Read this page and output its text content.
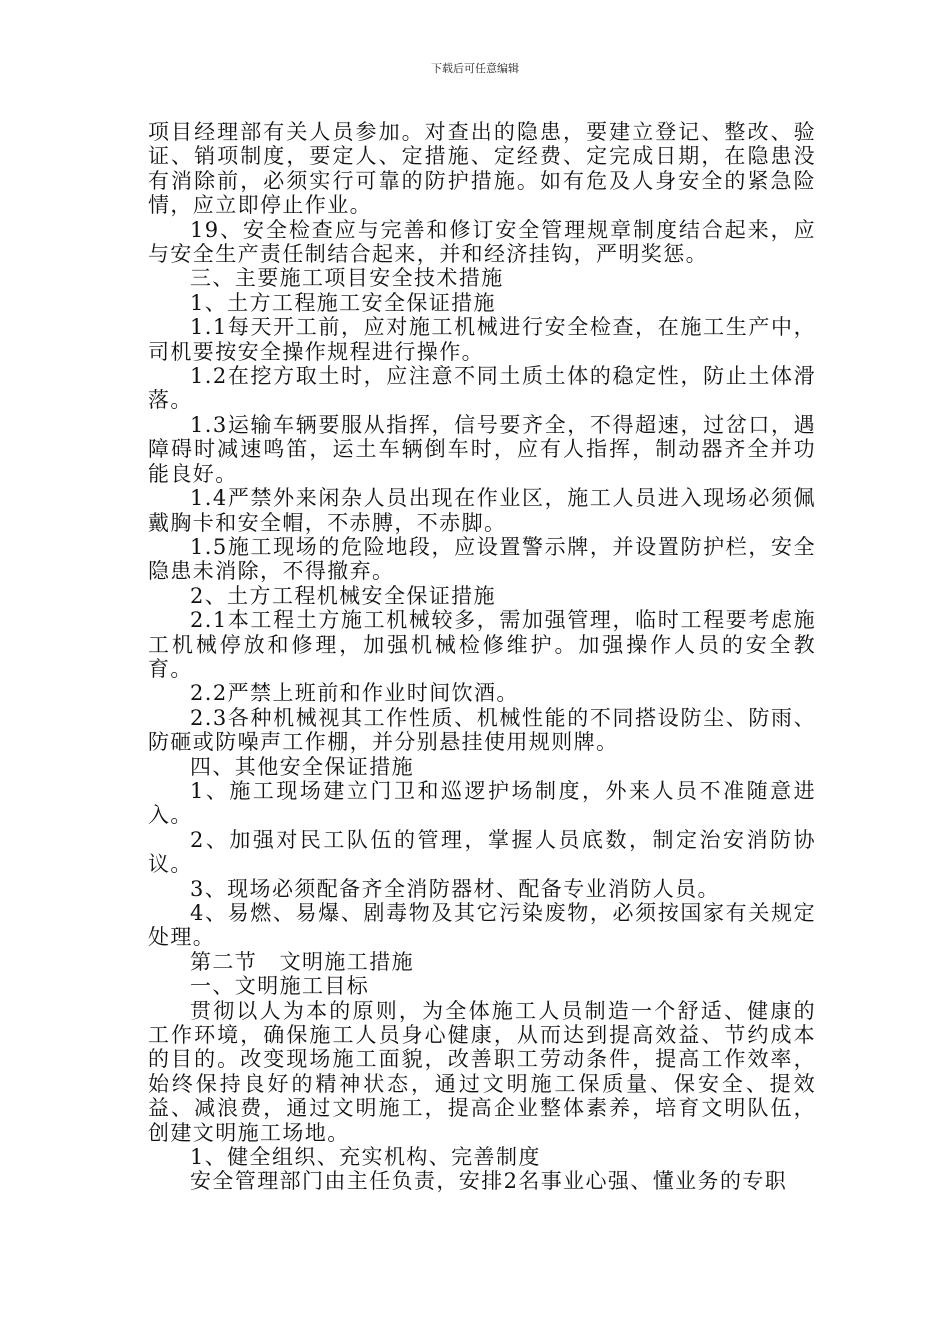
下载后可任意编辑

项目经理部有关人员参加。对查出的隐患，要建立登记、整改、验证、销项制度，要定人、定措施、定经费、定完成日期，在隐患没有消除前，必须实行可靠的防护措施。如有危及人身安全的紧急险情，应立即停止作业。

19、安全检查应与完善和修订安全管理规章制度结合起来，应与安全生产责任制结合起来，并和经济挂钩，严明奖惩。

三、主要施工项目安全技术措施

1、土方工程施工安全保证措施

1.1每天开工前，应对施工机械进行安全检查，在施工生产中，司机要按安全操作规程进行操作。

1.2在挖方取土时，应注意不同土质土体的稳定性，防止土体滑落。

1.3运输车辆要服从指挥，信号要齐全，不得超速，过岔口，遇障碍时减速鸣笛，运土车辆倒车时，应有人指挥，制动器齐全并功能良好。

1.4严禁外来闲杂人员出现在作业区，施工人员进入现场必须佩戴胸卡和安全帽，不赤膊，不赤脚。

1.5施工现场的危险地段，应设置警示牌，并设置防护栏，安全隐患未消除，不得撤弃。

2、土方工程机械安全保证措施

2.1本工程土方施工机械较多，需加强管理，临时工程要考虑施工机械停放和修理，加强机械检修维护。加强操作人员的安全教育。

2.2严禁上班前和作业时间饮酒。

2.3各种机械视其工作性质、机械性能的不同搭设防尘、防雨、防砸或防噪声工作棚，并分别悬挂使用规则牌。

四、其他安全保证措施

1、施工现场建立门卫和巡逻护场制度，外来人员不准随意进入。

2、加强对民工队伍的管理，掌握人员底数，制定治安消防协议。

3、现场必须配备齐全消防器材、配备专业消防人员。

4、易燃、易爆、剧毒物及其它污染废物，必须按国家有关规定处理。

第二节　文明施工措施

一、文明施工目标

贯彻以人为本的原则，为全体施工人员制造一个舒适、健康的工作环境，确保施工人员身心健康，从而达到提高效益、节约成本的目的。改变现场施工面貌，改善职工劳动条件，提高工作效率，始终保持良好的精神状态，通过文明施工保质量、保安全、提效益、减浪费，通过文明施工，提高企业整体素养，培育文明队伍，创建文明施工场地。

1、健全组织、充实机构、完善制度

安全管理部门由主任负责，安排2名事业心强、懂业务的专职
